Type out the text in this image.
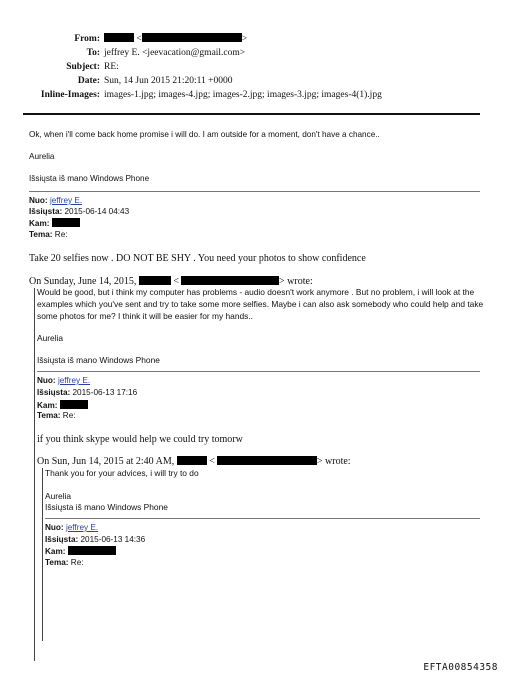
From:	<	>
To: jeffrey E. <jeevacation@gmail.com>
Subject: RE:
Date: Sun, 14 Jun 2015 21:20:11 +0000
Inline-Images: images-1.jpg; images-4.jpg; images-2.jpg; images-3.jpg; images-4(1).jpg
Ok, when i'll come back home promise i will do. I am outside for a moment, don't have a chance..
Aurelia
Išsiųsta iš mano Windows Phone
Nuo: jeffrey E.
Išsiųsta: 2015-06-14 04:43
Kam:
Tema: Re:
Take 20 selfies now . DO NOT BE SHY . You need your photos to show confidence
On Sunday, June 14, 2015,	<	> wrote:
Would be good, but i think my computer has problems - audio doesn't work anymore . But no problem, i will look at the
examples which you've sent and try to take some more selfies. Maybe i can also ask somebody who could help and take
some photos for me? I think it will be easier for my hands..
Aurelia
Išsiųsta iš mano Windows Phone
Nuo: jeffrey E.
Išsiųsta: 2015-06-13 17:16
Kam:
Tema: Re:
if you think skype would help we could try tomorw
On Sun, Jun 14, 2015 at 2:40 AM,	<	> wrote:
Thank you for your advices, i will try to do
Aurelia
Išsiųsta iš mano Windows Phone
Nuo: jeffrey E.
Išsiųsta: 2015-06-13 14:36
Kam:
Tema: Re:
EFTA00854358
